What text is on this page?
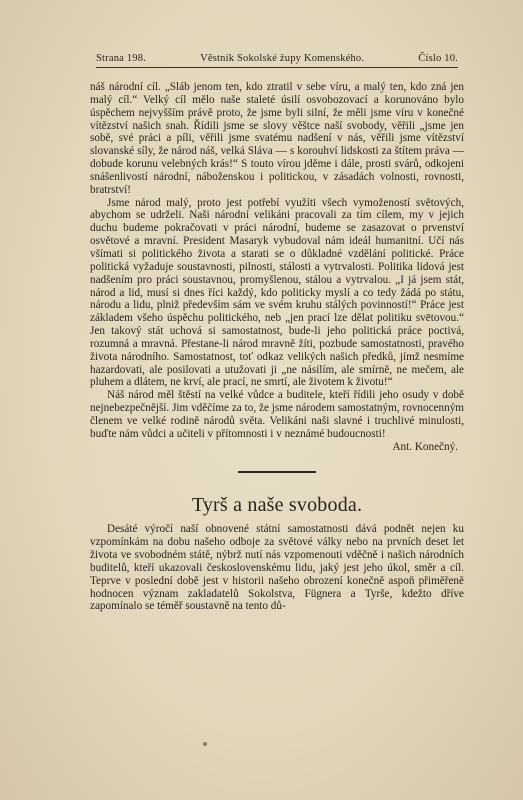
Strana 198.	Věstník Sokolské župy Komenského.	Číslo 10.

náš národní cíl. „Sláb jenom ten, kdo ztratil v sebe víru, a malý ten, kdo zná jen malý cíl.“ Velký cíl mělo naše staleté úsilí osvobozovací a korunováno bylo úspěchem nejvyšším právě proto, že jsme byli silní, že měli jsme víru v konečné vítězství našich snah. Řídili jsme se slovy věštce naší svobody, věřili „jsme jen sobě, své práci a píli, věřili jsme svatému nadšení v nás, věřili jsme vítězství slovanské síly, že národ náš, velká Sláva — s korouhví lidskosti za štítem práva — dobude korunu velebných krás!“ S touto vírou jděme i dále, prosti svárů, odkojeni snášenlivostí národní, náboženskou i politickou, v zásadách volnosti, rovnosti, bratrství!

Jsme národ malý, proto jest potřebí využíti všech vymožeností světových, abychom se udrželi. Naši národní velikáni pracovali za tím cílem, my v jejich duchu budeme pokračovati v práci národní, budeme se zasazovat o prvenství osvětové a mravní. President Masaryk vybudoval nám ideál humanitní. Učí nás všímati si politického života a starati se o důkladné vzdělání politické. Práce politická vyžaduje soustavnosti, pilnosti, stálosti a vytrvalosti. Politika lidová jest nadšením pro práci soustavnou, promyšlenou, stálou a vytrvalou. „I já jsem stát, národ a lid, musí si dnes říci každý, kdo politicky myslí a co tedy žádá po státu, národu a lidu, plniž především sám ve svém kruhu stálých povinností!“ Práce jest základem všeho úspěchu politického, neb „jen prací lze dělat politiku svētovou.“ Jen takový stát uchová si samostatnost, bude-li jeho politická práce poctivá, rozumná a mravná. Přestane-li národ mravně žíti, pozbude samostatnosti, pravého života národního. Samostatnost, toť odkaz velikých našich předků, jímž nesmíme hazardovati, ale posilovati a utužovati ji „ne násilím, ale smírně, ne mečem, ale pluhem a dlátem, ne krví, ale prací, ne smrtí, ale životem k životu!“

Náš národ měl štěstí na velké vůdce a buditele, kteří řídili jeho osudy v době nejnebezpečnější. Jim vděčíme za to, že jsme národem samostatným, rovnocenným členem ve velké rodině národů světa. Velikáni naši slavné i truchlivé minulosti, buďte nám vůdci a učiteli v přítomnosti i v neznámé budoucnosti!

Ant. Konečný.

Tyrš a naše svoboda.

Desáté výročí naší obnovené státní samostatnosti dává podnět nejen ku vzpomínkám na dobu našeho odboje za světové války nebo na prvních deset let života ve svobodném státě, nýbrž nutí nás vzpomenouti vděčně i našich národních buditelů, kteří ukazovali československému lidu, jaký jest jeho úkol, směr a cíl. Teprve v poslední době jest v historii našeho obrození konečně aspoň přiměřeně hodnocen význam zakladatelů Sokolstva, Fügnera a Tyrše, kdežto dříve zapomínalo se téměř soustavně na tento dů-
